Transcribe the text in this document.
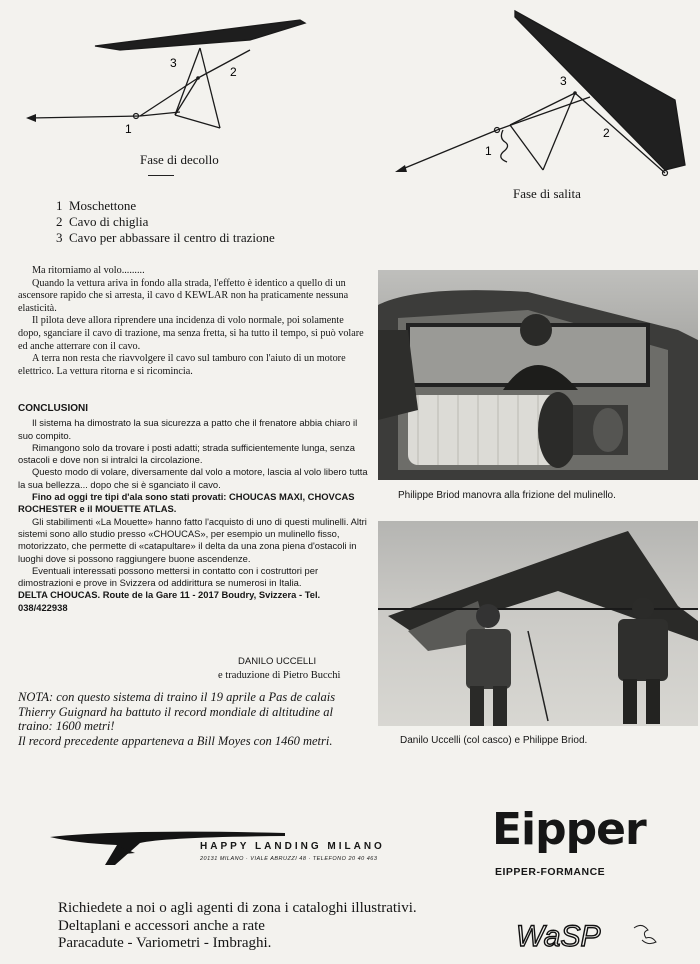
3
2
1
Fase di decollo
3
2
1
Fase di salita
1 Moschettone
2 Cavo di chiglia
3 Cavo per abbassare il centro di trazione

Ma ritorniamo al volo.........

Quando la vettura ariva in fondo alla strada, l'effetto è identico a quello di un ascensore rapido che si arresta, il cavo d KEWLAR non ha praticamente nessuna elasticità.

Il pilota deve allora riprendere una incidenza di volo normale, poi solamente dopo, sganciare il cavo di trazione, ma senza fretta, si ha tutto il tempo, si può volare ed anche atterrare con il cavo.

A terra non resta che riavvolgere il cavo sul tamburo con l'aiuto di un motore elettrico. La vettura ritorna e si ricomincia.

CONCLUSIONI

Il sistema ha dimostrato la sua sicurezza a patto che il frenatore abbia chiaro il suo compito.

Rimangono solo da trovare i posti adatti; strada sufficientemente lunga, senza ostacoli e dove non si intralci la circolazione.

Questo modo di volare, diversamente dal volo a motore, lascia al volo libero tutta la sua bellezza... dopo che si è sganciato il cavo.

Fino ad oggi tre tipi d'ala sono stati provati: CHOUCAS MAXI, CHOVCAS ROCHESTER e il MOUETTE ATLAS.

Gli stabilimenti «La Mouette» hanno fatto l'acquisto di uno di questi mulinelli. Altri sistemi sono allo studio presso «CHOUCAS», per esempio un mulinello fisso, motorizzato, che permette di «catapultare» il delta da una zona piena d'ostacoli in luoghi dove si possono raggiungere buone ascendenze.

Eventuali interessati possono mettersi in contatto con i costruttori per dimostrazioni e prove in Svizzera od addirittura se numerosi in Italia.

DELTA CHOUCAS. Route de la Gare 11 - 2017 Boudry, Svizzera - Tel. 038/422938

DANILO UCCELLI
e traduzione di Pietro Bucchi
NOTA: con questo sistema di traino il 19 aprile a Pas de calais Thierry Guignard ha battuto il record mondiale di altitudine al traino: 1600 metri!
Il record precedente apparteneva a Bill Moyes con 1460 metri.
Philippe Briod manovra alla frizione del mulinello.
Danilo Uccelli (col casco) e Philippe Briod.
HAPPY LANDING MILANO
20131 MILANO · VIALE ABRUZZI 48 · TELEFONO 20 40 463
Eipper
EIPPER-FORMANCE
Richiedete a noi o agli agenti di zona i cataloghi illustrativi.
Deltaplani e accessori anche a rate
Paracadute - Variometri - Imbraghi.	WaSP
